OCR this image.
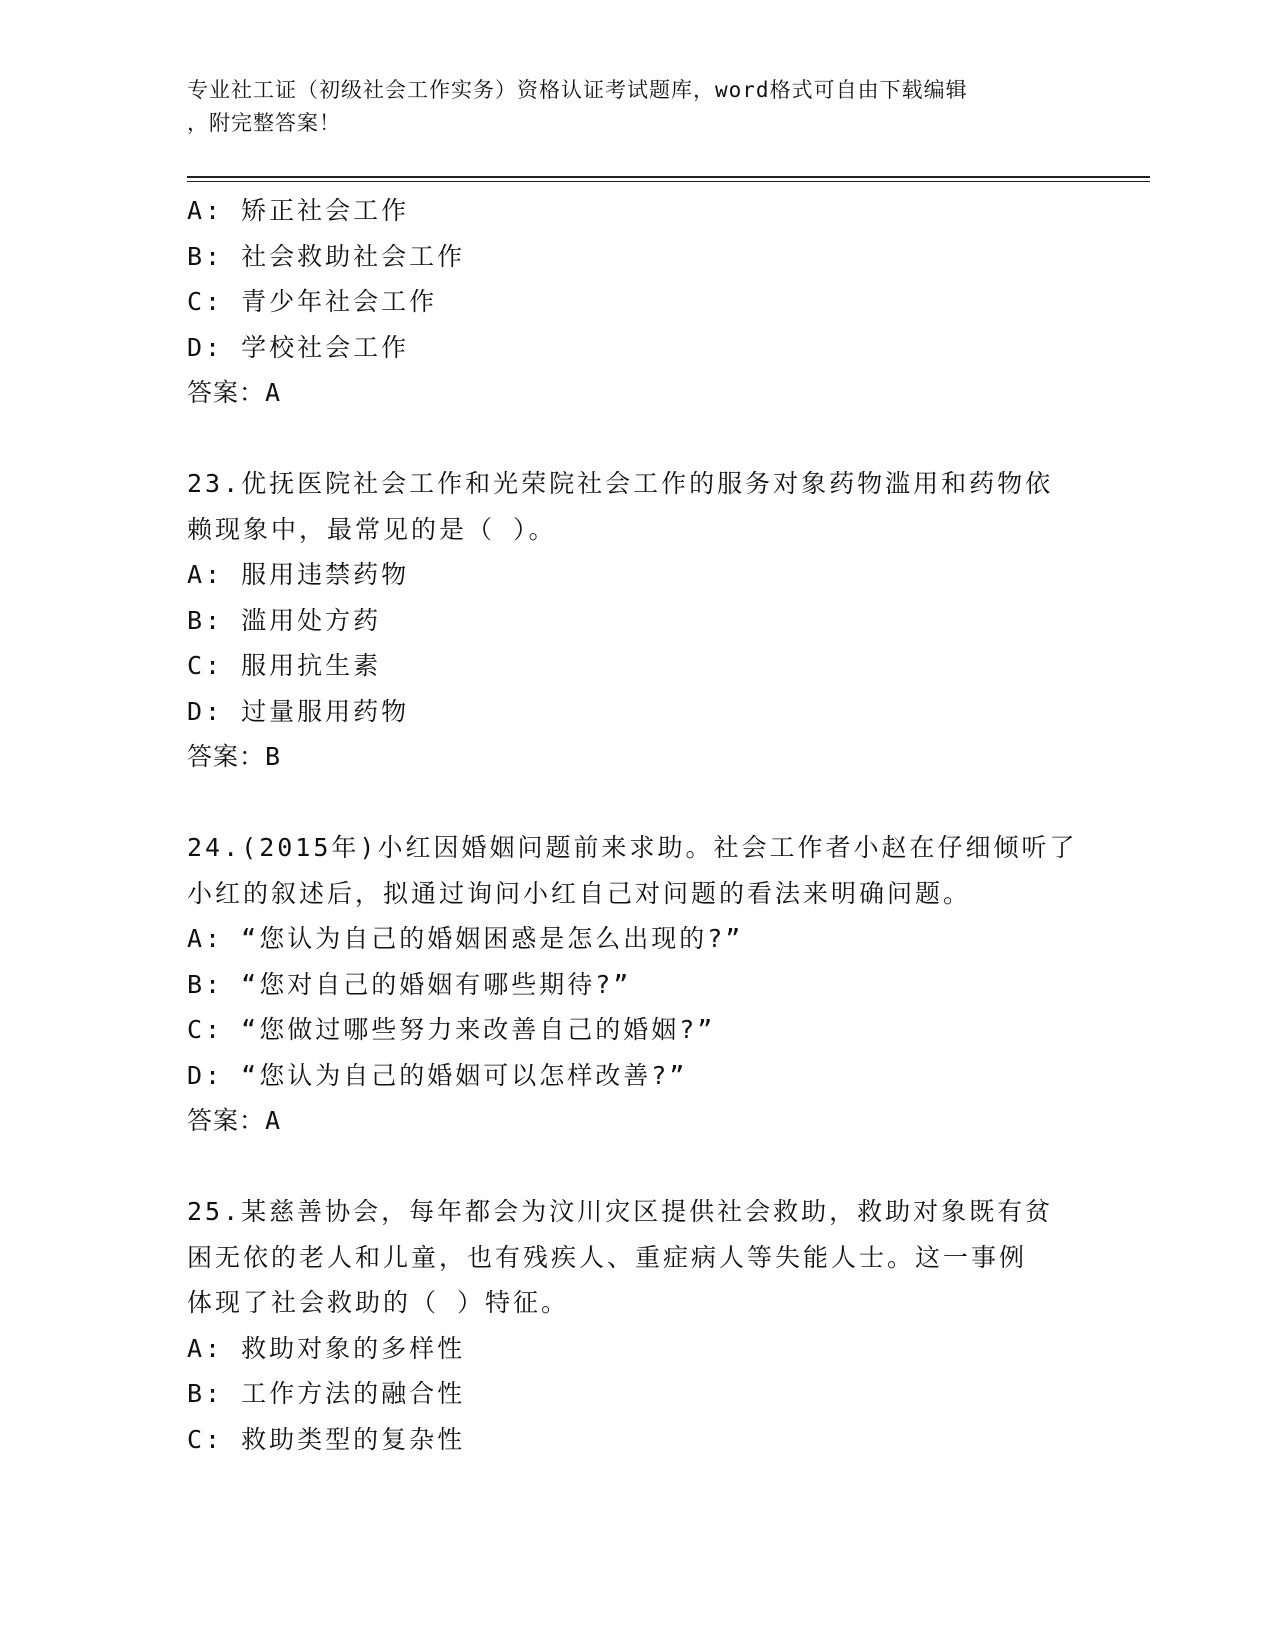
专业社工证（初级社会工作实务）资格认证考试题库，word格式可自由下载编辑
，附完整答案！
A: 矫正社会工作
B: 社会救助社会工作
C: 青少年社会工作
D: 学校社会工作
答案：A
23.优抚医院社会工作和光荣院社会工作的服务对象药物滥用和药物依
赖现象中，最常见的是（ ）。
A: 服用违禁药物
B: 滥用处方药
C: 服用抗生素
D: 过量服用药物
答案：B
24.(2015年)小红因婚姻问题前来求助。社会工作者小赵在仔细倾听了
小红的叙述后，拟通过询问小红自己对问题的看法来明确问题。
A: “您认为自己的婚姻困惑是怎么出现的?”
B: “您对自己的婚姻有哪些期待?”
C: “您做过哪些努力来改善自己的婚姻?”
D: “您认为自己的婚姻可以怎样改善?”
答案：A
25.某慈善协会，每年都会为汶川灾区提供社会救助，救助对象既有贫
困无依的老人和儿童，也有残疾人、重症病人等失能人士。这一事例
体现了社会救助的（ ）特征。
A: 救助对象的多样性
B: 工作方法的融合性
C: 救助类型的复杂性
